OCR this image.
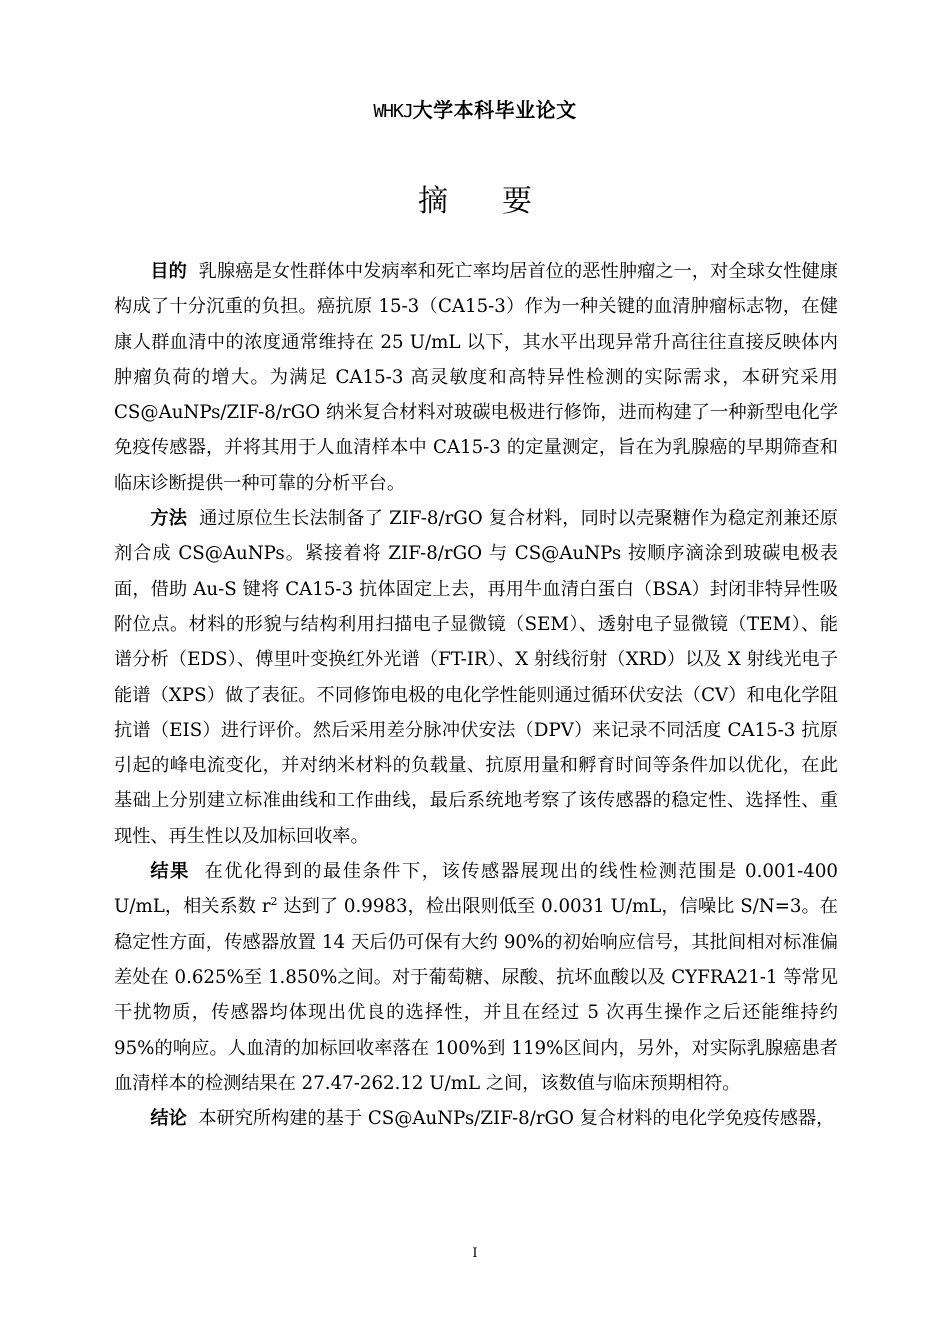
WHKJ大学本科毕业论文
摘要

目的 乳腺癌是女性群体中发病率和死亡率均居首位的恶性肿瘤之一，对全球女性健康构成了十分沉重的负担。癌抗原 15-3（CA15-3）作为一种关键的血清肿瘤标志物，在健康人群血清中的浓度通常维持在 25 U/mL 以下，其水平出现异常升高往往直接反映体内肿瘤负荷的增大。为满足 CA15-3 高灵敏度和高特异性检测的实际需求，本研究采用 CS@AuNPs/ZIF-8/rGO 纳米复合材料对玻碳电极进行修饰，进而构建了一种新型电化学免疫传感器，并将其用于人血清样本中 CA15-3 的定量测定，旨在为乳腺癌的早期筛查和临床诊断提供一种可靠的分析平台。

方法 通过原位生长法制备了 ZIF-8/rGO 复合材料，同时以壳聚糖作为稳定剂兼还原剂合成 CS@AuNPs。紧接着将 ZIF-8/rGO 与 CS@AuNPs 按顺序滴涂到玻碳电极表面，借助 Au-S 键将 CA15-3 抗体固定上去，再用牛血清白蛋白（BSA）封闭非特异性吸附位点。材料的形貌与结构利用扫描电子显微镜（SEM）、透射电子显微镜（TEM）、能谱分析（EDS）、傅里叶变换红外光谱（FT-IR）、X 射线衍射（XRD）以及 X 射线光电子能谱（XPS）做了表征。不同修饰电极的电化学性能则通过循环伏安法（CV）和电化学阻抗谱（EIS）进行评价。然后采用差分脉冲伏安法（DPV）来记录不同活度 CA15-3 抗原引起的峰电流变化，并对纳米材料的负载量、抗原用量和孵育时间等条件加以优化，在此基础上分别建立标准曲线和工作曲线，最后系统地考察了该传感器的稳定性、选择性、重现性、再生性以及加标回收率。

结果 在优化得到的最佳条件下，该传感器展现出的线性检测范围是 0.001-400 U/mL，相关系数 $r^2$ 达到了 0.9983，检出限则低至 0.0031 U/mL，信噪比 S/N=3。在稳定性方面，传感器放置 14 天后仍可保有大约 90%的初始响应信号，其批间相对标准偏差处在 0.625%至 1.850%之间。对于葡萄糖、尿酸、抗坏血酸以及 CYFRA21-1 等常见干扰物质，传感器均体现出优良的选择性，并且在经过 5 次再生操作之后还能维持约 95%的响应。人血清的加标回收率落在 100%到 119%区间内，另外，对实际乳腺癌患者血清样本的检测结果在 27.47-262.12 U/mL 之间，该数值与临床预期相符。

结论 本研究所构建的基于 CS@AuNPs/ZIF-8/rGO 复合材料的电化学免疫传感器，

I
